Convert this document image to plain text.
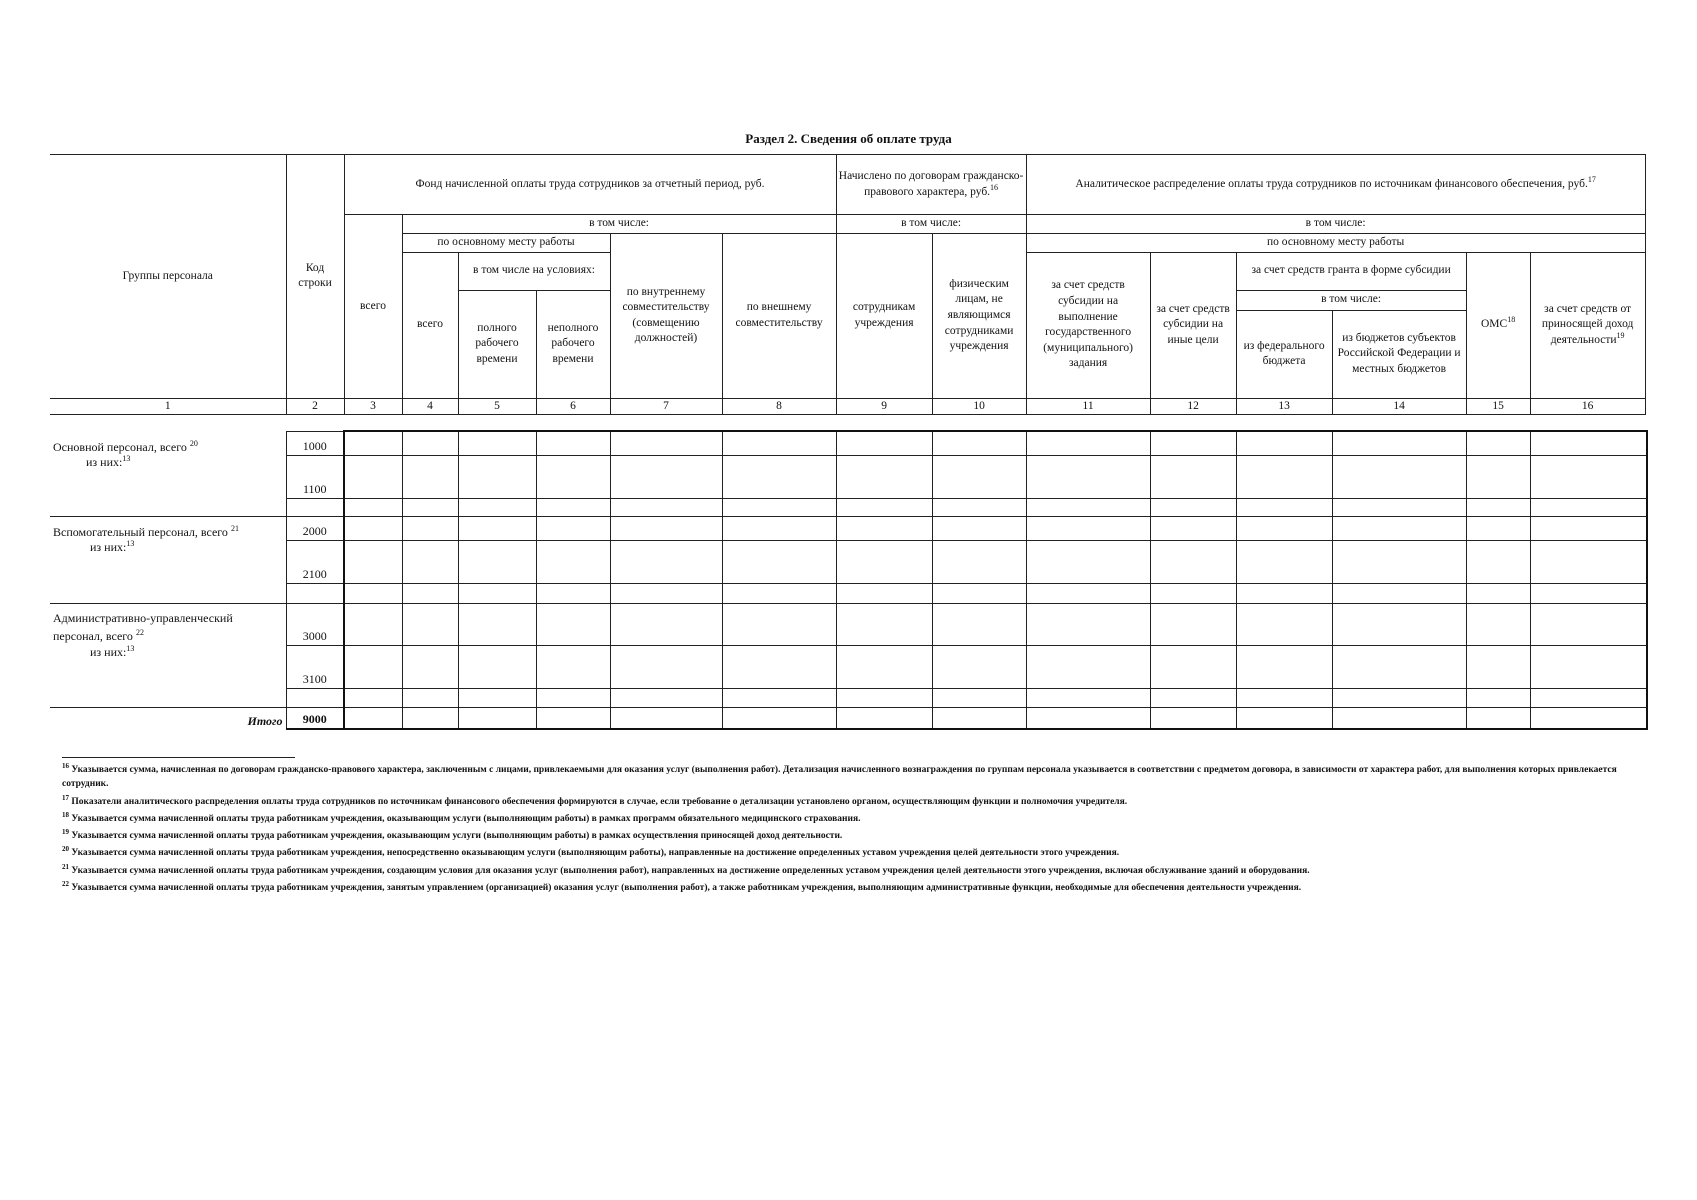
Раздел 2. Сведения об оплате труда
Группы персонала	Код строки	Фонд начисленной оплаты труда сотрудников за отчетный период, руб.						Начислено по договорам гражданско-правового характера, руб.$^{16}$		Аналитическое распределение оплаты труда сотрудников по источникам финансового обеспечения, руб.$^{17}$
		всего	в том числе:					в том числе:		в том числе:					
			по основному месту работы			по внутреннему совместительству (совмещению должностей)	по внешнему совместительству	сотрудникам учреждения	физическим лицам, не являющимся сотрудниками учреждения	по основному месту работы					
			всего	в том числе на условиях:						за счет средств субсидии на выполнение государственного (муниципального) задания	за счет средств субсидии на иные цели	за счет средств гранта в форме субсидии		ОМС$^{18}$	за счет средств от приносящей доход деятельности$^{19}$
				полного рабочего времени	неполного рабочего времени							в том числе:			
												из федерального бюджета	из бюджетов субъектов Российской Федерации и местных бюджетов		
1	2	3	4	5	6	7	8	9	10	11	12	13	14	15	16
Основной персонал, всего $^{20}$	1000														
из них:$^{13}$	1100														

Вспомогательный персонал, всего $^{21}$	2000														
из них:$^{13}$	2100														

Административно-управленческий персонал, всего $^{22}$	3000														
из них:$^{13}$	3100														

Итого	9000														
$^{16}$ Указывается сумма, начисленная по договорам гражданско-правового характера, заключенным с лицами, привлекаемыми для оказания услуг (выполнения работ). Детализация начисленного вознаграждения по группам персонала указывается в соответствии с предметом договора, в зависимости от характера работ, для выполнения которых привлекается сотрудник.
$^{17}$ Показатели аналитического распределения оплаты труда сотрудников по источникам финансового обеспечения формируются в случае, если требование о детализации установлено органом, осуществляющим функции и полномочия учредителя.
$^{18}$ Указывается сумма начисленной оплаты труда работникам учреждения, оказывающим услуги (выполняющим работы) в рамках программ обязательного медицинского страхования.
$^{19}$ Указывается сумма начисленной оплаты труда работникам учреждения, оказывающим услуги (выполняющим работы) в рамках осуществления приносящей доход деятельности.
$^{20}$ Указывается сумма начисленной оплаты труда работникам учреждения, непосредственно оказывающим услуги (выполняющим работы), направленные на достижение определенных уставом учреждения целей деятельности этого учреждения.
$^{21}$ Указывается сумма начисленной оплаты труда работникам учреждения, создающим условия для оказания услуг (выполнения работ), направленных на достижение определенных уставом учреждения целей деятельности этого учреждения, включая обслуживание зданий и оборудования.
$^{22}$ Указывается сумма начисленной оплаты труда работникам учреждения, занятым управлением (организацией) оказания услуг (выполнения работ), а также работникам учреждения, выполняющим административные функции, необходимые для обеспечения деятельности учреждения.
